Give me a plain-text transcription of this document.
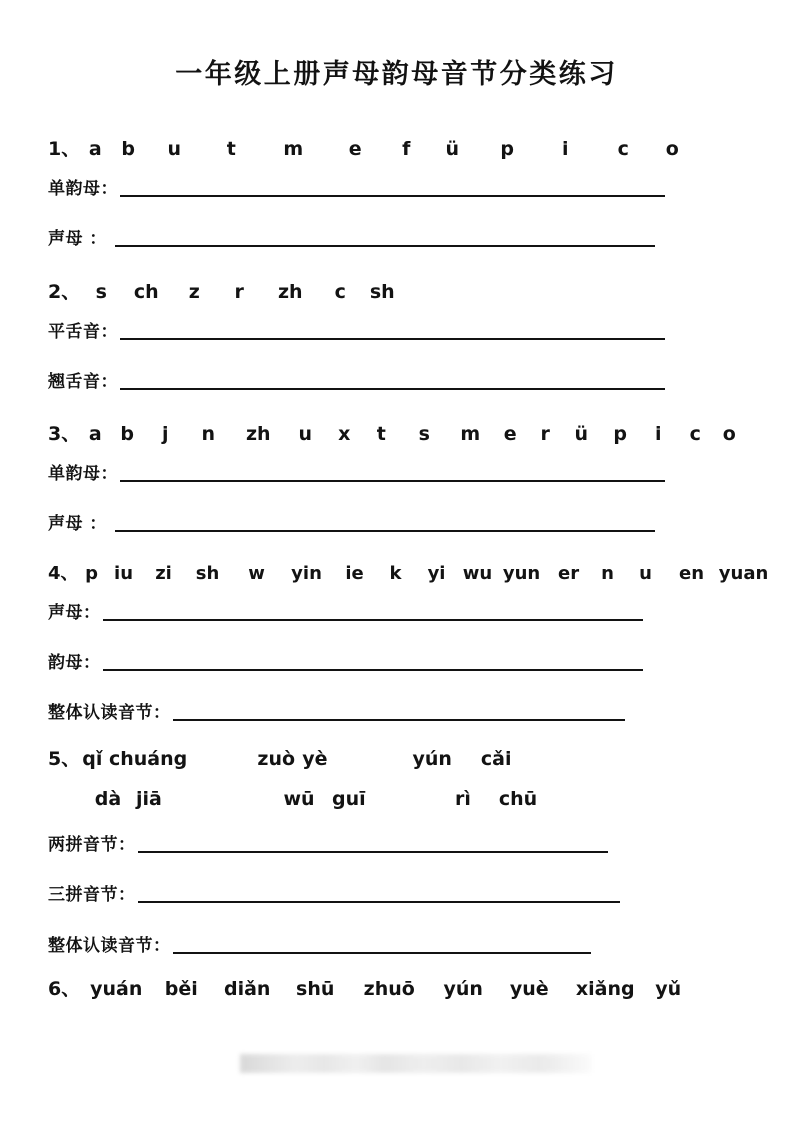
一年级上册声母韵母音节分类练习
1、 a	b	u	t	m	e	f	ü	p	i	c	o
单韵母：
声母 ：
2、 s	ch	z	r	zh	c	sh
平舌音：
翘舌音：
3、 a b	j	n	zh	u	x	t	s	m	e	r	ü	p	i	c	o
单韵母：
声母 ：
4、 p iu	zi	sh	w	yin	ie	k	yi wu yun er	n	u	en yuan
声母：
韵母：
整体认读音节：
5、 qǐ chuáng	zuò yè	yún	cǎi
dà jiā	wū guī	rì	chū
两拼音节：
三拼音节：
整体认读音节：
6、 yuán	běi	diǎn	shū	zhuō	yún	yuè	xiǎng	yǔ
